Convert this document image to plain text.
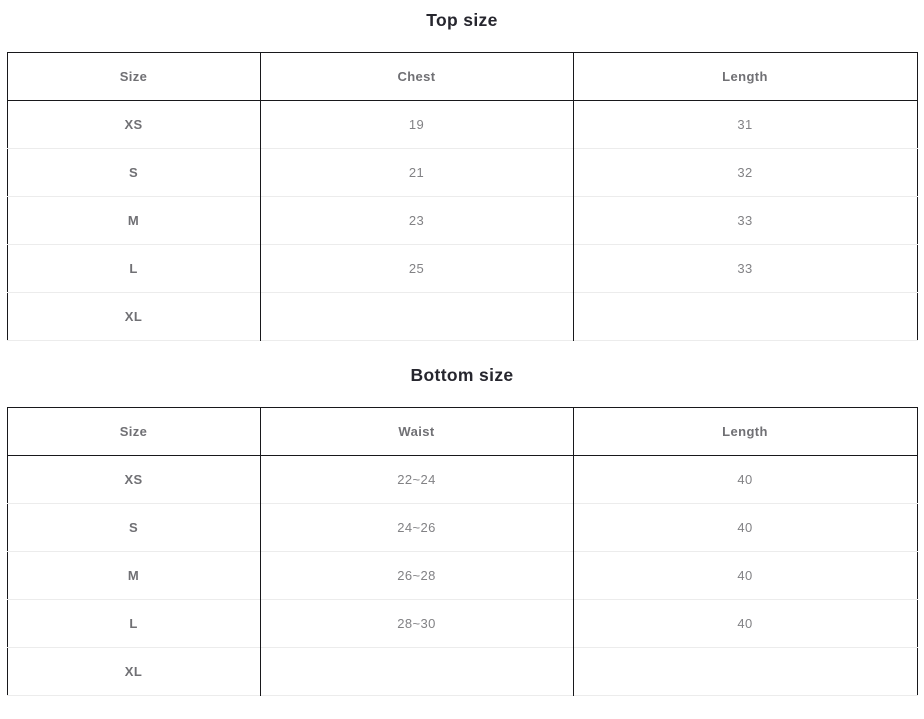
Top size
Size	Chest	Length
XS	19	31
S	21	32
M	23	33
L	25	33
XL		
Bottom size
Size	Waist	Length
XS	22~24	40
S	24~26	40
M	26~28	40
L	28~30	40
XL		
